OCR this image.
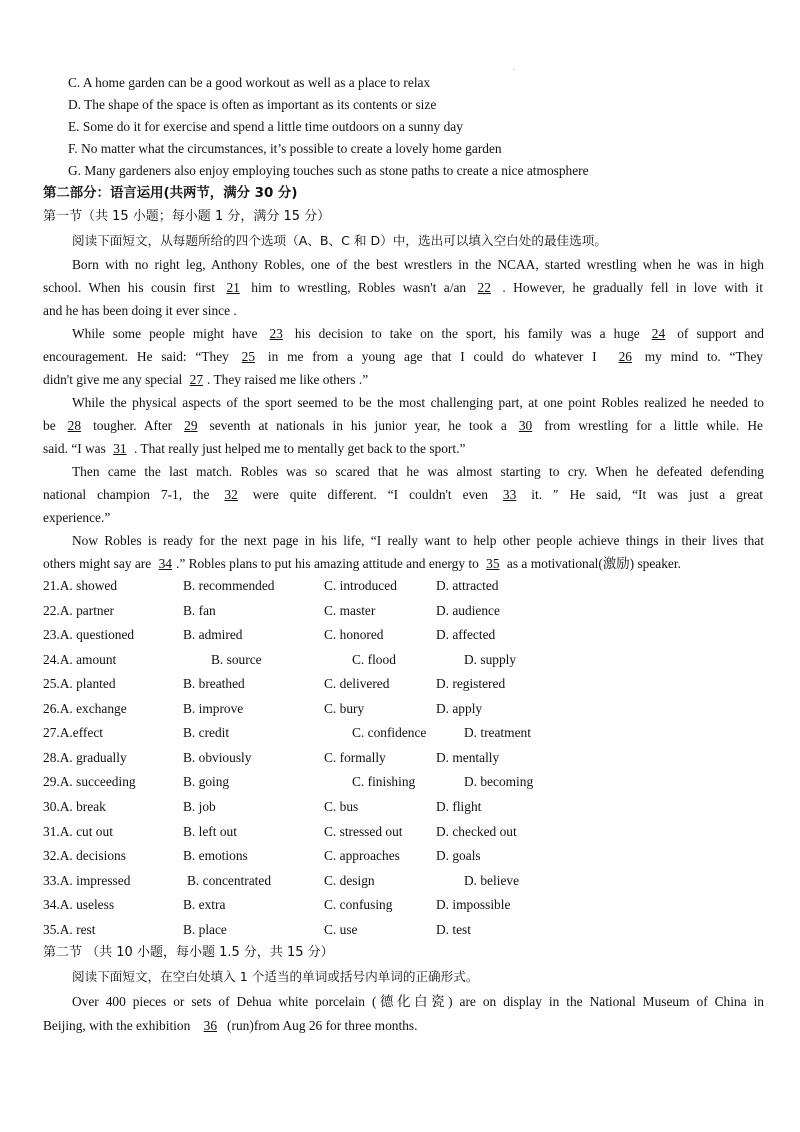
.
C. A home garden can be a good workout as well as a place to relax
D. The shape of the space is often as important as its contents or size
E. Some do it for exercise and spend a little time outdoors on a sunny day
F. No matter what the circumstances, it’s possible to create a lovely home garden
G. Many gardeners also enjoy employing touches such as stone paths to create a nice atmosphere
第二部分：语言运用(共两节，满分 30 分)
第一节（共 15 小题；每小题 1 分，满分 15 分）
阅读下面短文，从每题所给的四个选项（A、B、C 和 D）中，选出可以填入空白处的最佳选项。
Born with no right leg, Anthony Robles, one of the best wrestlers in the NCAA, started wrestling when he was in high
school. When his cousin first 21 him to wrestling, Robles wasn't a/an 22 . However, he gradually fell in love with it
and he has been doing it ever since .
While some people might have 23 his decision to take on the sport, his family was a huge 24 of support and
encouragement. He said: “They 25 in me from a young age that I could do whatever I 26 my mind to. “They
didn't give me any special 27 . They raised me like others .”
While the physical aspects of the sport seemed to be the most challenging part, at one point Robles realized he needed to
be 28 tougher. After 29 seventh at nationals in his junior year, he took a 30 from wrestling for a little while. He
said. “I was 31 . That really just helped me to mentally get back to the sport.”
Then came the last match. Robles was so scared that he was almost starting to cry. When he defeated defending
national champion 7-1, the 32 were quite different. “I couldn't even 33 it. ″ He said, “It was just a great
experience.”
Now Robles is ready for the next page in his life, “I really want to help other people achieve things in their lives that
others might say are 34 .” Robles plans to put his amazing attitude and energy to 35 as a motivational(激励) speaker.
21.A. showed	B. recommended	C. introduced	D. attracted
22.A. partner	B. fan	C. master	D. audience
23.A. questioned	B. admired	C. honored	D. affected
24.A. amount	B. source	C. flood	D. supply
25.A. planted	B. breathed	C. delivered	D. registered
26.A. exchange	B. improve	C. bury	D. apply
27.A.effect	B. credit	C. confidence	D. treatment
28.A. gradually	B. obviously	C. formally	D. mentally
29.A. succeeding	B. going	C. finishing	D. becoming
30.A. break	B. job	C. bus	D. flight
31.A. cut out	B. left out	C. stressed out	D. checked out
32.A. decisions	B. emotions	C. approaches	D. goals
33.A. impressed	B. concentrated	C. design	D. believe
34.A. useless	B. extra	C. confusing	D. impossible
35.A. rest	B. place	C. use	D. test
第二节 （共 10 小题，每小题 1.5 分，共 15 分）
阅读下面短文，在空白处填入 1 个适当的单词或括号内单词的正确形式。
Over 400 pieces or sets of Dehua white porcelain (德化白瓷) are on display in the National Museum of China in
Beijing, with the exhibition 36 (run)from Aug 26 for three months.
